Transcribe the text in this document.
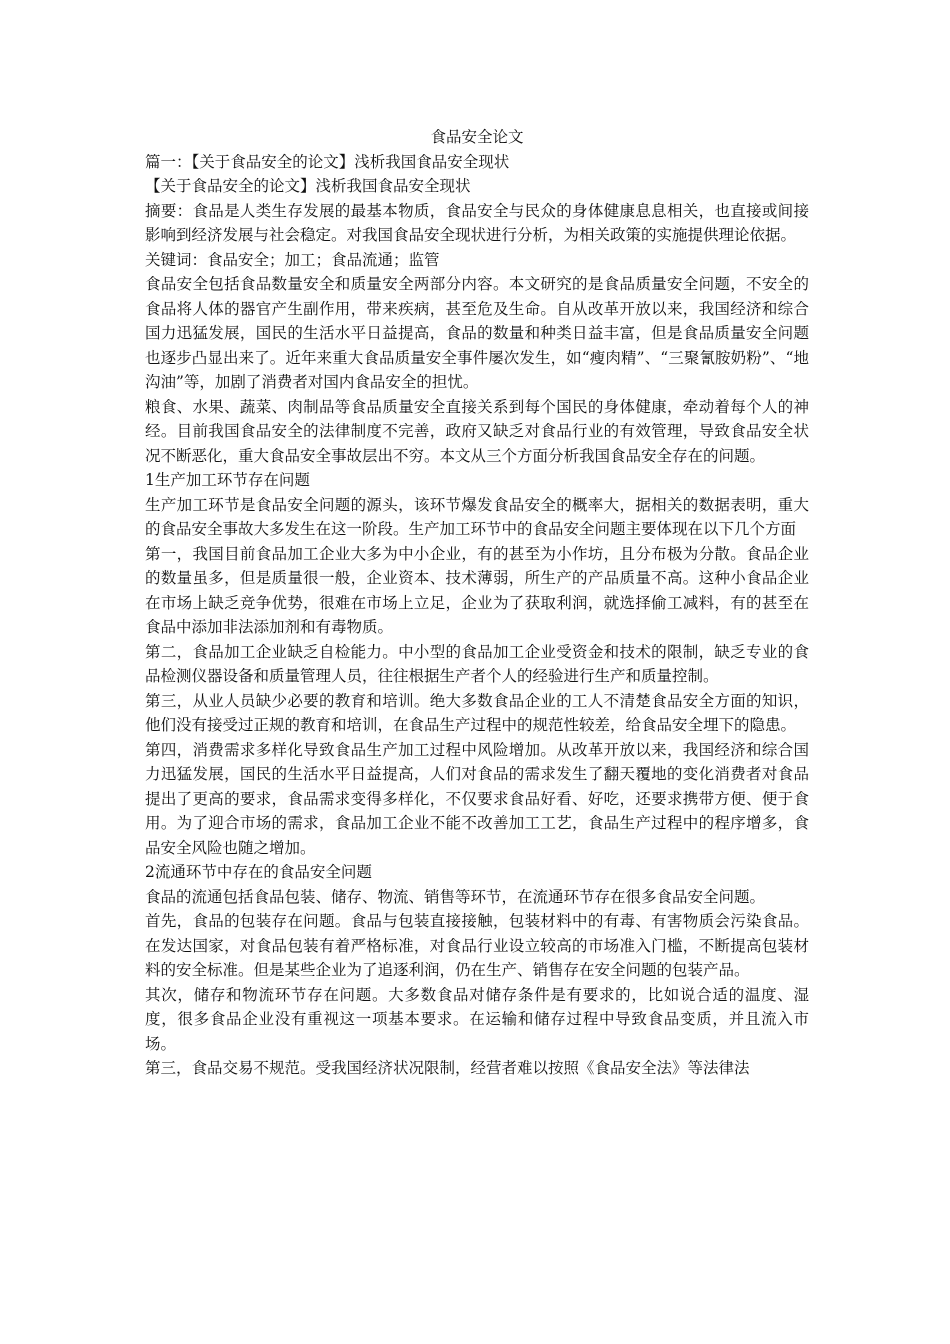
食品安全论文

篇一：【关于食品安全的论文】浅析我国食品安全现状

【关于食品安全的论文】浅析我国食品安全现状

摘要：食品是人类生存发展的最基本物质，食品安全与民众的身体健康息息相关，也直接或间接影响到经济发展与社会稳定。对我国食品安全现状进行分析，为相关政策的实施提供理论依据。

关键词：食品安全；加工；食品流通；监管

食品安全包括食品数量安全和质量安全两部分内容。本文研究的是食品质量安全问题，不安全的食品将人体的器官产生副作用，带来疾病，甚至危及生命。自从改革开放以来，我国经济和综合国力迅猛发展，国民的生活水平日益提高，食品的数量和种类日益丰富，但是食品质量安全问题也逐步凸显出来了。近年来重大食品质量安全事件屡次发生，如“瘦肉精”、“三聚氰胺奶粉”、“地沟油”等，加剧了消费者对国内食品安全的担忧。

粮食、水果、蔬菜、肉制品等食品质量安全直接关系到每个国民的身体健康，牵动着每个人的神经。目前我国食品安全的法律制度不完善，政府又缺乏对食品行业的有效管理，导致食品安全状况不断恶化，重大食品安全事故层出不穷。本文从三个方面分析我国食品安全存在的问题。

1生产加工环节存在问题

生产加工环节是食品安全问题的源头，该环节爆发食品安全的概率大，据相关的数据表明，重大的食品安全事故大多发生在这一阶段。生产加工环节中的食品安全问题主要体现在以下几个方面

第一，我国目前食品加工企业大多为中小企业，有的甚至为小作坊，且分布极为分散。食品企业的数量虽多，但是质量很一般，企业资本、技术薄弱，所生产的产品质量不高。这种小食品企业在市场上缺乏竞争优势，很难在市场上立足，企业为了获取利润，就选择偷工减料，有的甚至在食品中添加非法添加剂和有毒物质。

第二，食品加工企业缺乏自检能力。中小型的食品加工企业受资金和技术的限制，缺乏专业的食品检测仪器设备和质量管理人员，往往根据生产者个人的经验进行生产和质量控制。

第三，从业人员缺少必要的教育和培训。绝大多数食品企业的工人不清楚食品安全方面的知识，他们没有接受过正规的教育和培训，在食品生产过程中的规范性较差，给食品安全埋下的隐患。

第四，消费需求多样化导致食品生产加工过程中风险增加。从改革开放以来，我国经济和综合国力迅猛发展，国民的生活水平日益提高，人们对食品的需求发生了翻天覆地的变化消费者对食品提出了更高的要求，食品需求变得多样化，不仅要求食品好看、好吃，还要求携带方便、便于食用。为了迎合市场的需求，食品加工企业不能不改善加工工艺，食品生产过程中的程序增多，食品安全风险也随之增加。

2流通环节中存在的食品安全问题

食品的流通包括食品包装、储存、物流、销售等环节，在流通环节存在很多食品安全问题。

首先，食品的包装存在问题。食品与包装直接接触，包装材料中的有毒、有害物质会污染食品。在发达国家，对食品包装有着严格标准，对食品行业设立较高的市场准入门槛，不断提高包装材料的安全标准。但是某些企业为了追逐利润，仍在生产、销售存在安全问题的包装产品。

其次，储存和物流环节存在问题。大多数食品对储存条件是有要求的，比如说合适的温度、湿度，很多食品企业没有重视这一项基本要求。在运输和储存过程中导致食品变质，并且流入市场。

第三，食品交易不规范。受我国经济状况限制，经营者难以按照《食品安全法》等法律法
